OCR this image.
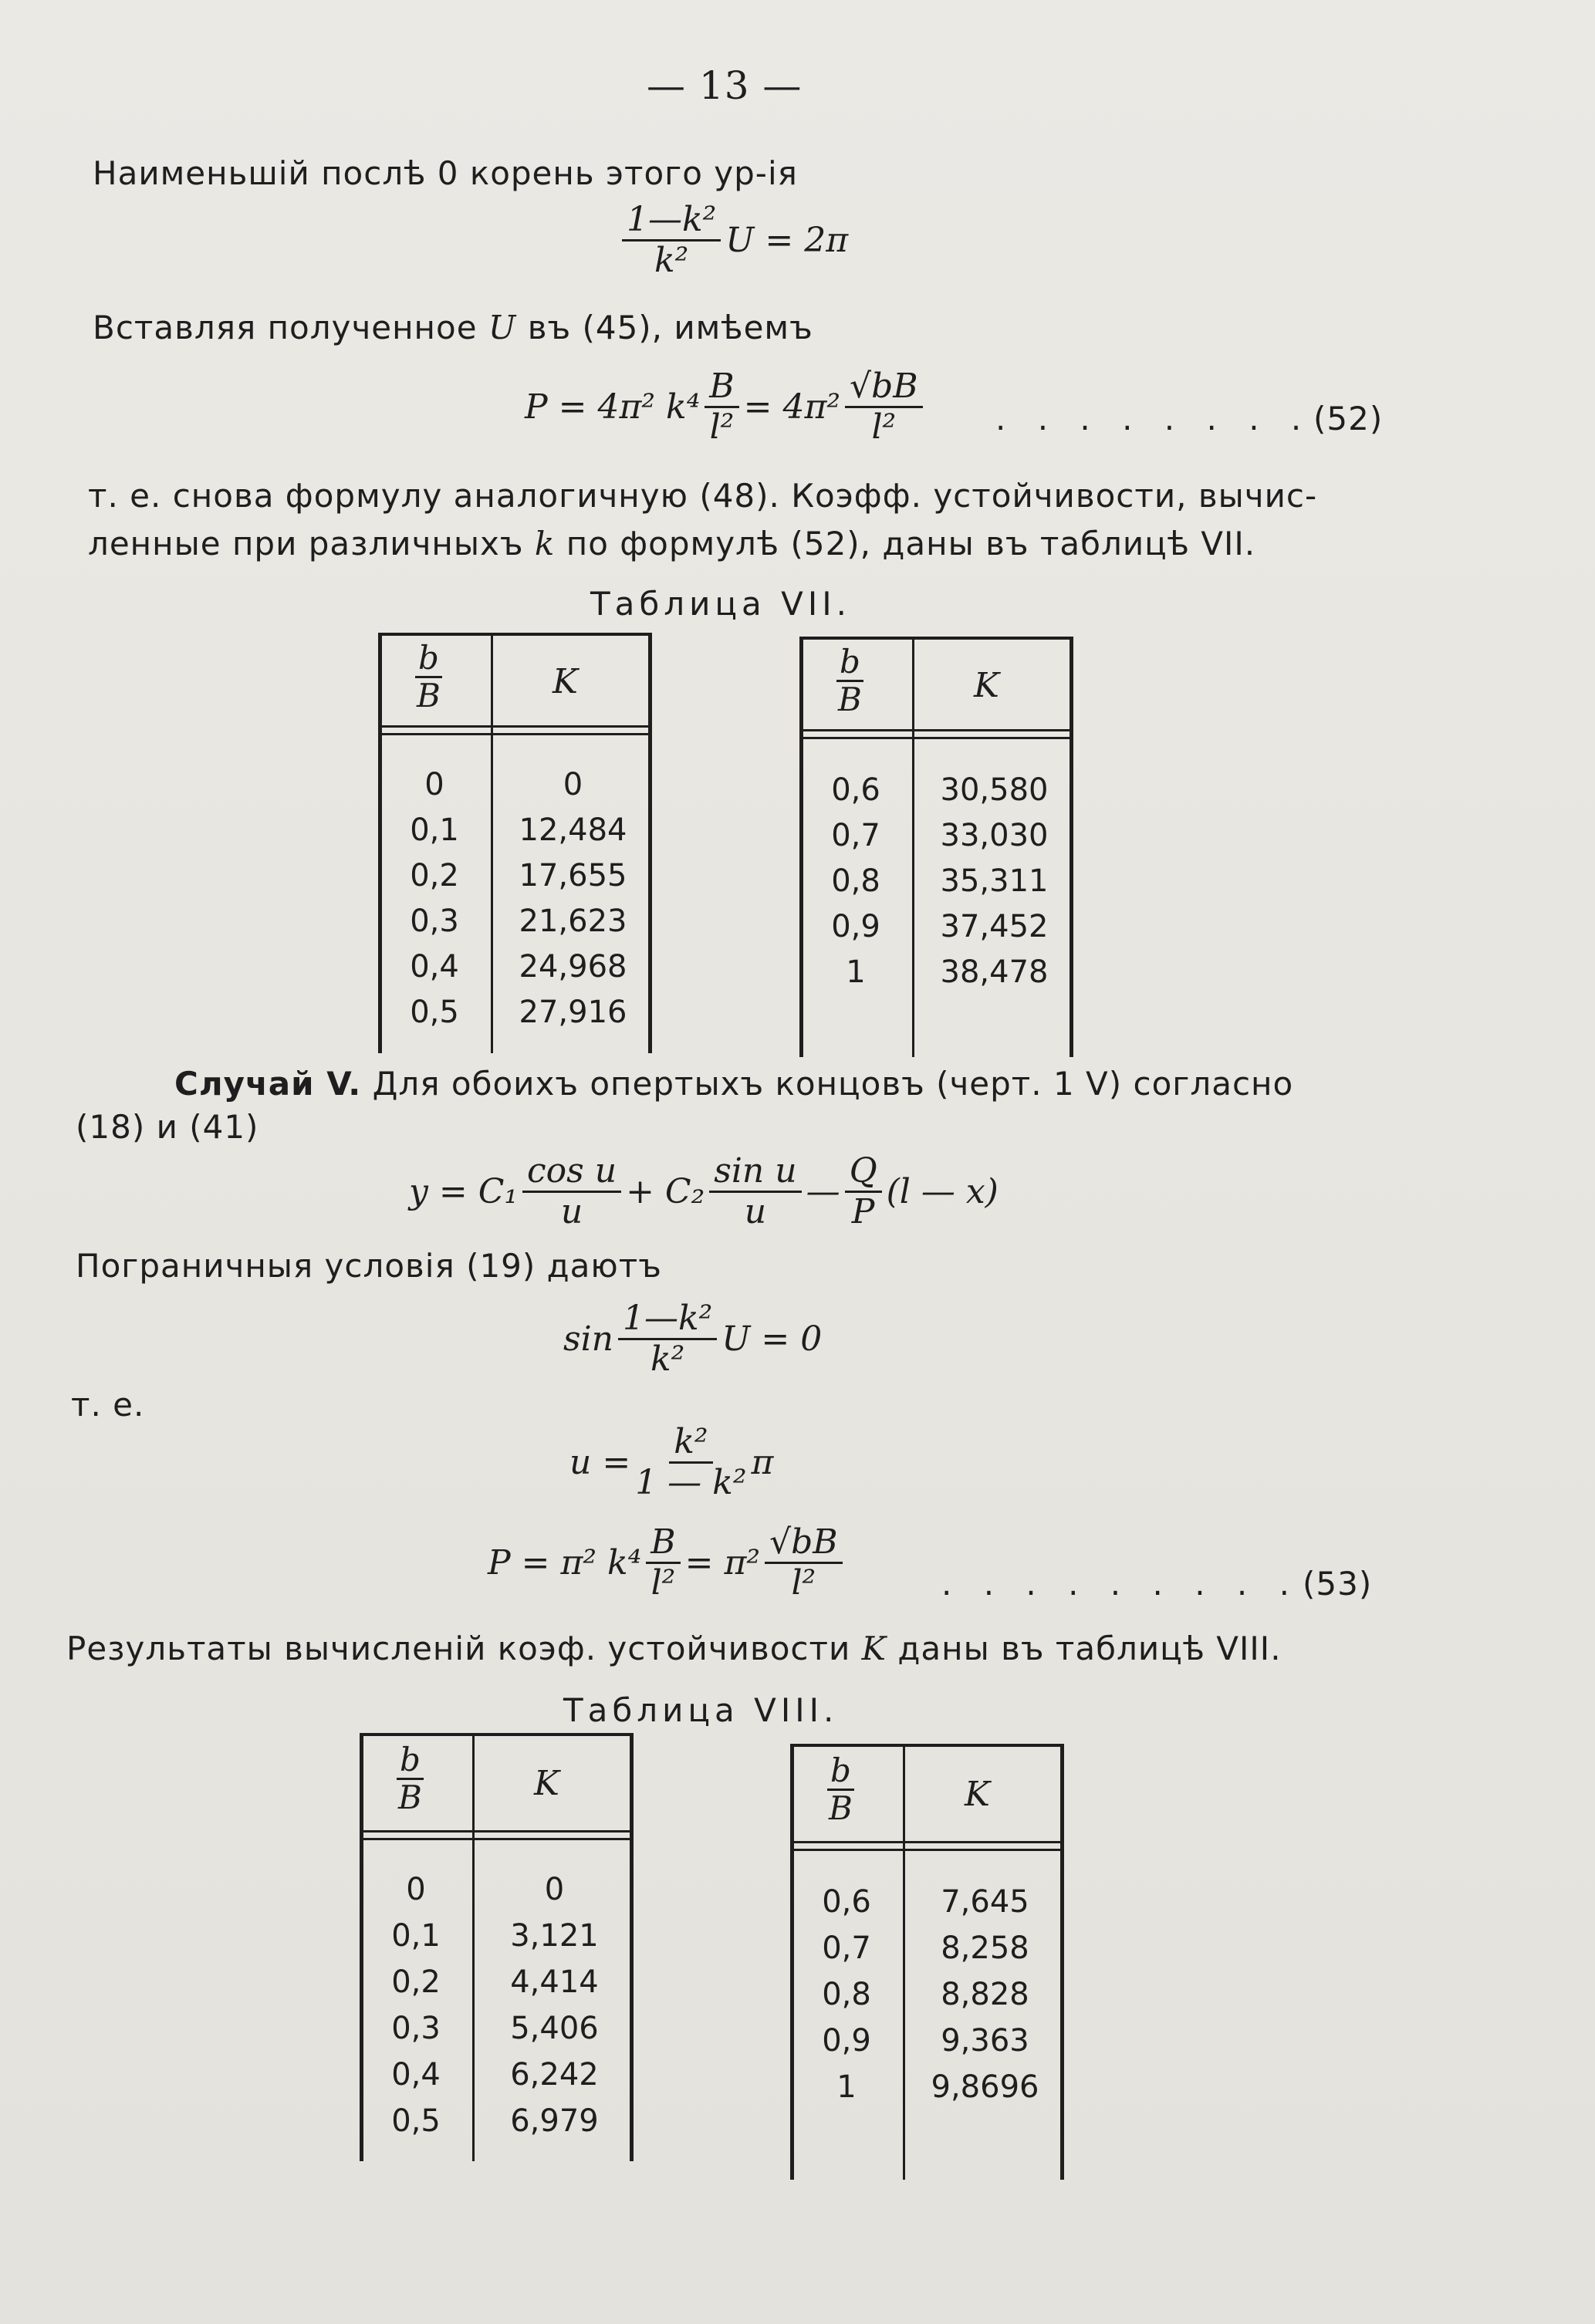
— 13 —
Наименьшій послѣ 0 корень этого ур-ія
$\frac{\text{1—k²}}{\text{k²}}$ U = 2π
Вставляя полученное U въ (45), имѣемъ
P = 4π² $k^4 \frac{B}{\text{l²}} = 4\pi^2 \frac{√bB}{\text{l²}}$ . . . . . . . . (52)
т. е. снова формулу аналогичную (48). Коэфф. устойчивости, вычис-
ленные при различныхъ k по формулѣ (52), даны въ таблицѣ VII.
Таблица VII.
b
B	K
0	0
0,1	12,484
0,2	17,655
0,3	21,623
0,4	24,968
0,5	27,916
b
B	K
0,6	30,580
0,7	33,030
0,8	35,311
0,9	37,452
1	38,478
Случай V. Для обоихъ опертыхъ концовъ (черт. 1 V) согласно
(18) и (41)
$y = C_1 \frac{\text{cos u}}{u} + C_2 \frac{\text{sin u}}{u}$ — $\frac{Q}{P} (l$ — x)
Пограничныя условія (19) даютъ
$\sin \frac{\text{1—k²}}{\text{k²}}$ U = 0
т. е.
$u = \frac{\text{k²}}{\text{1 — k²}}$ π
P = π² $k^4 \frac{B}{\text{l²}} = \pi^2 \frac{√bB}{\text{l²}}$	. . . . . . . . . (53)
Результаты вычисленій коэф. устойчивости K даны въ таблицѣ VIII.
Таблица VIII.
b
B	K
0	0
0,1	3,121
0,2	4,414
0,3	5,406
0,4	6,242
0,5	6,979
b
B	K
0,6	7,645
0,7	8,258
0,8	8,828
0,9	9,363
1	9,8696
